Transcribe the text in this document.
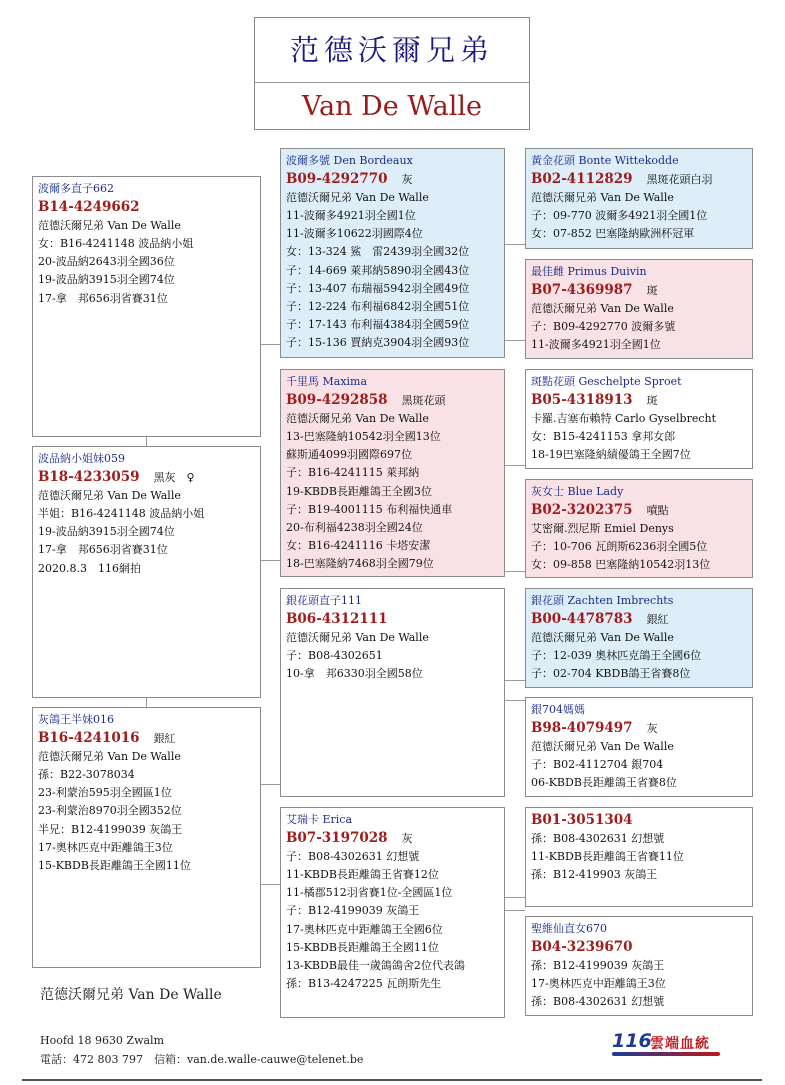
范德沃爾兄弟
Van De Walle
波爾多直子662
B14-4249662
范德沃爾兄弟 Van De Walle
女：B16-4241148 波品納小姐
20-波品納2643羽全國36位
19-波品納3915羽全國74位
17-拿　邦656羽省賽31位
波爾多號 Den Bordeaux
B09-4292770 灰
范德沃爾兄弟 Van De Walle
11-波爾多4921羽全國1位
11-波爾多10622羽國際4位
女：13-324 鯊　雷2439羽全國32位
子：14-669 萊邦納5890羽全國43位
子：13-407 布瑞福5942羽全國49位
子：12-224 布利福6842羽全國51位
子：17-143 布利福4384羽全國59位
子：15-136 賈納克3904羽全國93位
千里馬 Maxima
B09-4292858 黑斑花頭
范德沃爾兄弟 Van De Walle
13-巴塞隆納10542羽全國13位
蘇斯通4099羽國際697位
子：B16-4241115 萊邦納
19-KBDB長距離鴿王全國3位
子：B19-4001115 布利福快通車
20-布利福4238羽全國24位
女：B16-4241116 卡塔安潔
18-巴塞隆納7468羽全國79位
黃金花頭 Bonte Wittekodde
B02-4112829 黑斑花頭白羽
范德沃爾兄弟 Van De Walle
子：09-770 波爾多4921羽全國1位
女：07-852 巴塞隆納歐洲杯冠軍
最佳雌 Primus Duivin
B07-4369987 斑
范德沃爾兄弟 Van De Walle
子：B09-4292770 波爾多號
11-波爾多4921羽全國1位
斑點花頭 Geschelpte Sproet
B05-4318913 斑
卡羅.吉塞布賴特 Carlo Gyselbrecht
女：B15-4241153 拿邦女郎
18-19巴塞隆納績優鴿王全國7位
灰女士 Blue Lady
B02-3202375 噴點
艾密爾.烈尼斯 Emiel Denys
子：10-706 瓦朗斯6236羽全國5位
女：09-858 巴塞隆納10542羽13位
波品納小姐妹059
B18-4233059 黑灰　♀
范德沃爾兄弟 Van De Walle
半姐：B16-4241148 波品納小姐
19-波品納3915羽全國74位
17-拿　邦656羽省賽31位
2020.8.3　116網拍
銀花頭直子111
B06-4312111
范德沃爾兄弟 Van De Walle
子：B08-4302651
10-拿　邦6330羽全國58位
銀花頭 Zachten Imbrechts
B00-4478783 銀紅
范德沃爾兄弟 Van De Walle
子：12-039 奧林匹克鴿王全國6位
子：02-704 KBDB鴿王省賽8位
銀704媽媽
B98-4079497 灰
范德沃爾兄弟 Van De Walle
子：B02-4112704 銀704
06-KBDB長距離鴿王省賽8位
灰鴿王半妹016
B16-4241016 銀紅
范德沃爾兄弟 Van De Walle
孫：B22-3078034
23-利蒙治595羽全國區1位
23-利蒙治8970羽全國352位
半兄：B12-4199039 灰鴿王
17-奧林匹克中距離鴿王3位
15-KBDB長距離鴿王全國11位
艾瑞卡 Erica
B07-3197028 灰
子：B08-4302631 幻想號
11-KBDB長距離鴿王省賽12位
11-橘郡512羽省賽1位-全國區1位
子：B12-4199039 灰鴿王
17-奧林匹克中距離鴿王全國6位
15-KBDB長距離鴿王全國11位
13-KBDB最佳一歲鴿鴿舍2位代表鴿
孫：B13-4247225 瓦朗斯先生
B01-3051304
孫：B08-4302631 幻想號
11-KBDB長距離鴿王省賽11位
孫：B12-419903 灰鴿王
聖維仙直女670
B04-3239670
孫：B12-4199039 灰鴿王
17-奧林匹克中距離鴿王3位
孫：B08-4302631 幻想號
范德沃爾兄弟 Van De Walle
Hoofd 18 9630 Zwalm
電話：472 803 797　信箱：van.de.walle-cauwe@telenet.be
116
雲端血統
